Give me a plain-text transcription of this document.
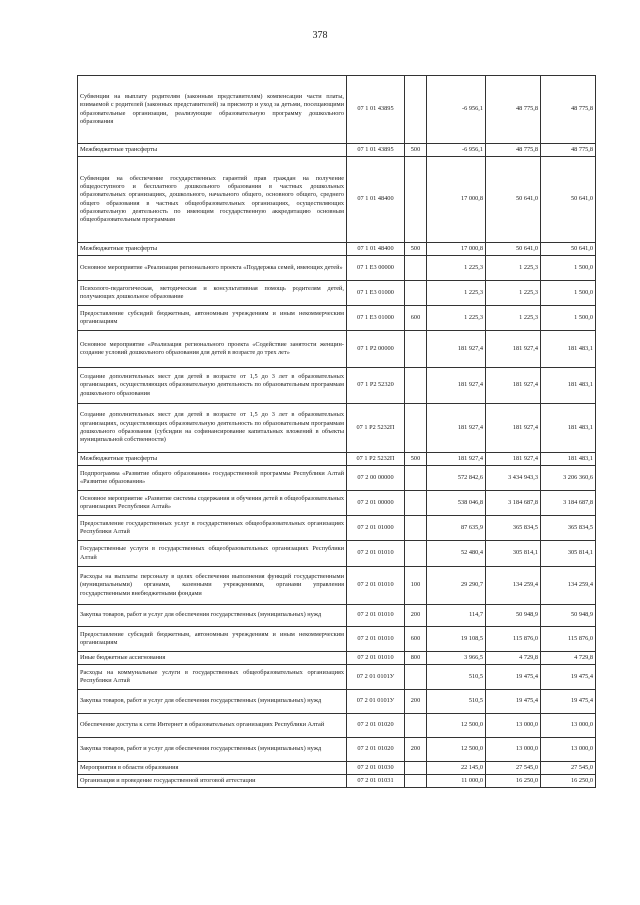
378
Субвенции на выплату родителям (законным представителям) компенсации части платы, взимаемой с родителей (законных представителей) за присмотр и уход за детьми, посещающими образовательные организации, реализующие образовательную программу дошкольного образования	07 1 01 43895		-6 956,1	48 775,8	48 775,8
Межбюджетные трансферты	07 1 01 43895	500	-6 956,1	48 775,8	48 775,8
Субвенции на обеспечение государственных гарантий прав граждан на получение общедоступного и бесплатного дошкольного образования в частных дошкольных образовательных организациях, дошкольного, начального общего, основного общего, среднего общего образования в частных общеобразовательных организациях, осуществляющих образовательную деятельность по имеющим государственную аккредитацию основным общеобразовательным программам	07 1 01 48400		17 000,8	50 641,0	50 641,0
Межбюджетные трансферты	07 1 01 48400	500	17 000,8	50 641,0	50 641,0
Основное мероприятие «Реализация регионального проекта «Поддержка семей, имеющих детей»	07 1 E3 00000		1 225,3	1 225,3	1 500,0
Психолого-педагогическая, методическая и консультативная помощь родителям детей, получающих дошкольное образование	07 1 E3 01000		1 225,3	1 225,3	1 500,0
Предоставление субсидий бюджетным, автономным учреждениям и иным некоммерческим организациям	07 1 E3 01000	600	1 225,3	1 225,3	1 500,0
Основное мероприятие «Реализация регионального проекта «Содействие занятости женщин-создание условий дошкольного образования для детей в возрасте до трех лет»	07 1 P2 00000		181 927,4	181 927,4	181 483,1
Создание дополнительных мест для детей в возрасте от 1,5 до 3 лет в образовательных организациях, осуществляющих образовательную деятельность по образовательным программам дошкольного образования	07 1 P2 52320		181 927,4	181 927,4	181 483,1
Создание дополнительных мест для детей в возрасте от 1,5 до 3 лет в образовательных организациях, осуществляющих образовательную деятельность по образовательным программам дошкольного образования (субсидии на софинансирование капитальных вложений в объекты муниципальной собственности)	07 1 P2 5232П		181 927,4	181 927,4	181 483,1
Межбюджетные трансферты	07 1 P2 5232П	500	181 927,4	181 927,4	181 483,1
Подпрограмма «Развитие общего образования» государственной программы Республики Алтай «Развитие образования»	07 2 00 00000		572 842,6	3 434 943,3	3 206 360,6
Основное мероприятие «Развитие системы содержания и обучения детей в общеобразовательных организациях Республики Алтай»	07 2 01 00000		538 046,8	3 184 687,8	3 184 687,8
Предоставление государственных услуг в государственных общеобразовательных организациях Республики Алтай	07 2 01 01000		87 635,9	365 834,5	365 834,5
Государственные услуги в государственных общеобразовательных организациях Республики Алтай	07 2 01 01010		52 480,4	305 814,1	305 814,1
Расходы на выплаты персоналу в целях обеспечения выполнения функций государственными (муниципальными) органами, казенными учреждениями, органами управления государственными внебюджетными фондами	07 2 01 01010	100	29 290,7	134 259,4	134 259,4
Закупка товаров, работ и услуг для обеспечения государственных (муниципальных) нужд	07 2 01 01010	200	114,7	50 948,9	50 948,9
Предоставление субсидий бюджетным, автономным учреждениям и иным некоммерческим организациям	07 2 01 01010	600	19 108,5	115 876,0	115 876,0
Иные бюджетные ассигнования	07 2 01 01010	800	3 966,5	4 729,8	4 729,8
Расходы на коммунальные услуги в государственных общеобразовательных организациях Республики Алтай	07 2 01 0101У		510,5	19 475,4	19 475,4
Закупка товаров, работ и услуг для обеспечения государственных (муниципальных) нужд	07 2 01 0101У	200	510,5	19 475,4	19 475,4
Обеспечение доступа к сети Интернет в образовательных организациях Республики Алтай	07 2 01 01020		12 500,0	13 000,0	13 000,0
Закупка товаров, работ и услуг для обеспечения государственных (муниципальных) нужд	07 2 01 01020	200	12 500,0	13 000,0	13 000,0
Мероприятия в области образования	07 2 01 01030		22 145,0	27 545,0	27 545,0
Организация и проведение государственной итоговой аттестации	07 2 01 01031		11 000,0	16 250,0	16 250,0
